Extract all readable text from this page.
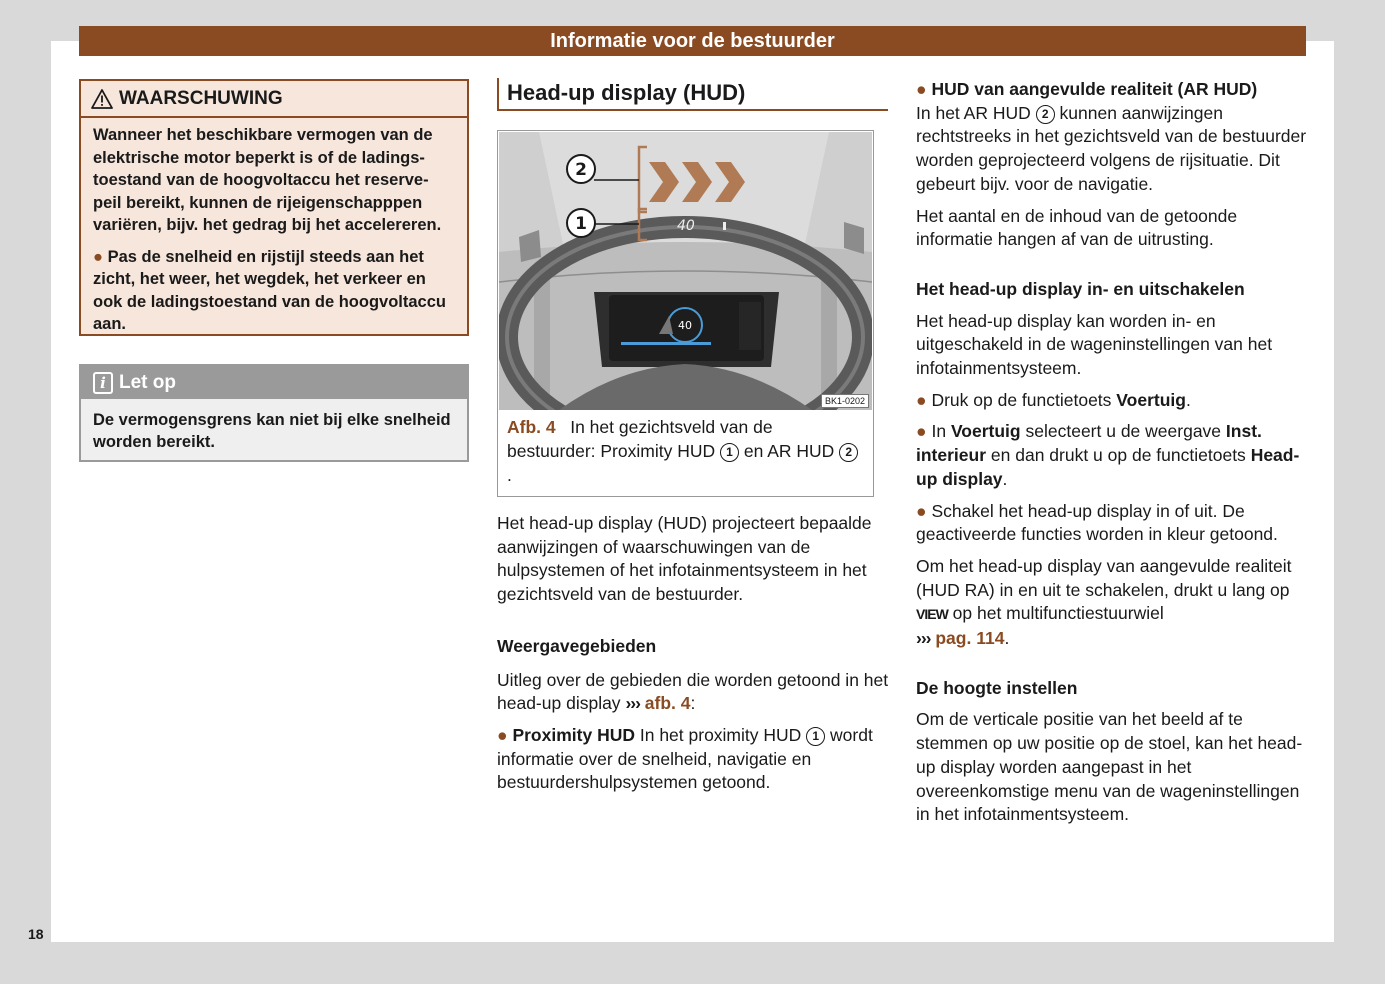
Informatie voor de bestuurder
18
WAARSCHUWING

Wanneer het beschikbare vermogen van de elektrische motor beperkt is of de ladings-toestand van de hoogvoltaccu het reserve-peil bereikt, kunnen de rijeigenschapppen variëren, bijv. het gedrag bij het accelereren.

● Pas de snelheid en rijstijl steeds aan het zicht, het weer, het wegdek, het verkeer en ook de ladingstoestand van de hoogvoltaccu aan.

i Let op
De vermogensgrens kan niet bij elke snelheid worden bereikt.
Head-up display (HUD)
40
2
1	40
BK1-0202
Afb. 4 In het gezichtsveld van de bestuurder: Proximity HUD 1 en AR HUD 2.

Het head-up display (HUD) projecteert bepaalde aanwijzingen of waarschuwingen van de hulpsystemen of het infotainmentsysteem in het gezichtsveld van de bestuurder.

Weergavegebieden

Uitleg over de gebieden die worden getoond in het head-up display ››› afb. 4:

● Proximity HUD In het proximity HUD 1 wordt informatie over de snelheid, navigatie en bestuurdershulpsystemen getoond.

● HUD van aangevulde realiteit (AR HUD)

In het AR HUD 2 kunnen aanwijzingen rechtstreeks in het gezichtsveld van de bestuurder worden geprojecteerd volgens de rijsituatie. Dit gebeurt bijv. voor de navigatie.

Het aantal en de inhoud van de getoonde informatie hangen af van de uitrusting.

Het head-up display in- en uitschakelen

Het head-up display kan worden in- en uitgeschakeld in de wageninstellingen van het infotainmentsysteem.

● Druk op de functietoets Voertuig.

● In Voertuig selecteert u de weergave Inst. interieur en dan drukt u op de functietoets Head-up display.

● Schakel het head-up display in of uit. De geactiveerde functies worden in kleur getoond.

Om het head-up display van aangevulde realiteit (HUD RA) in en uit te schakelen, drukt u lang op VIEW op het multifunctiestuurwiel
››› pag. 114.

De hoogte instellen

Om de verticale positie van het beeld af te stemmen op uw positie op de stoel, kan het head-up display worden aangepast in het overeenkomstige menu van de wageninstellingen in het infotainmentsysteem.
